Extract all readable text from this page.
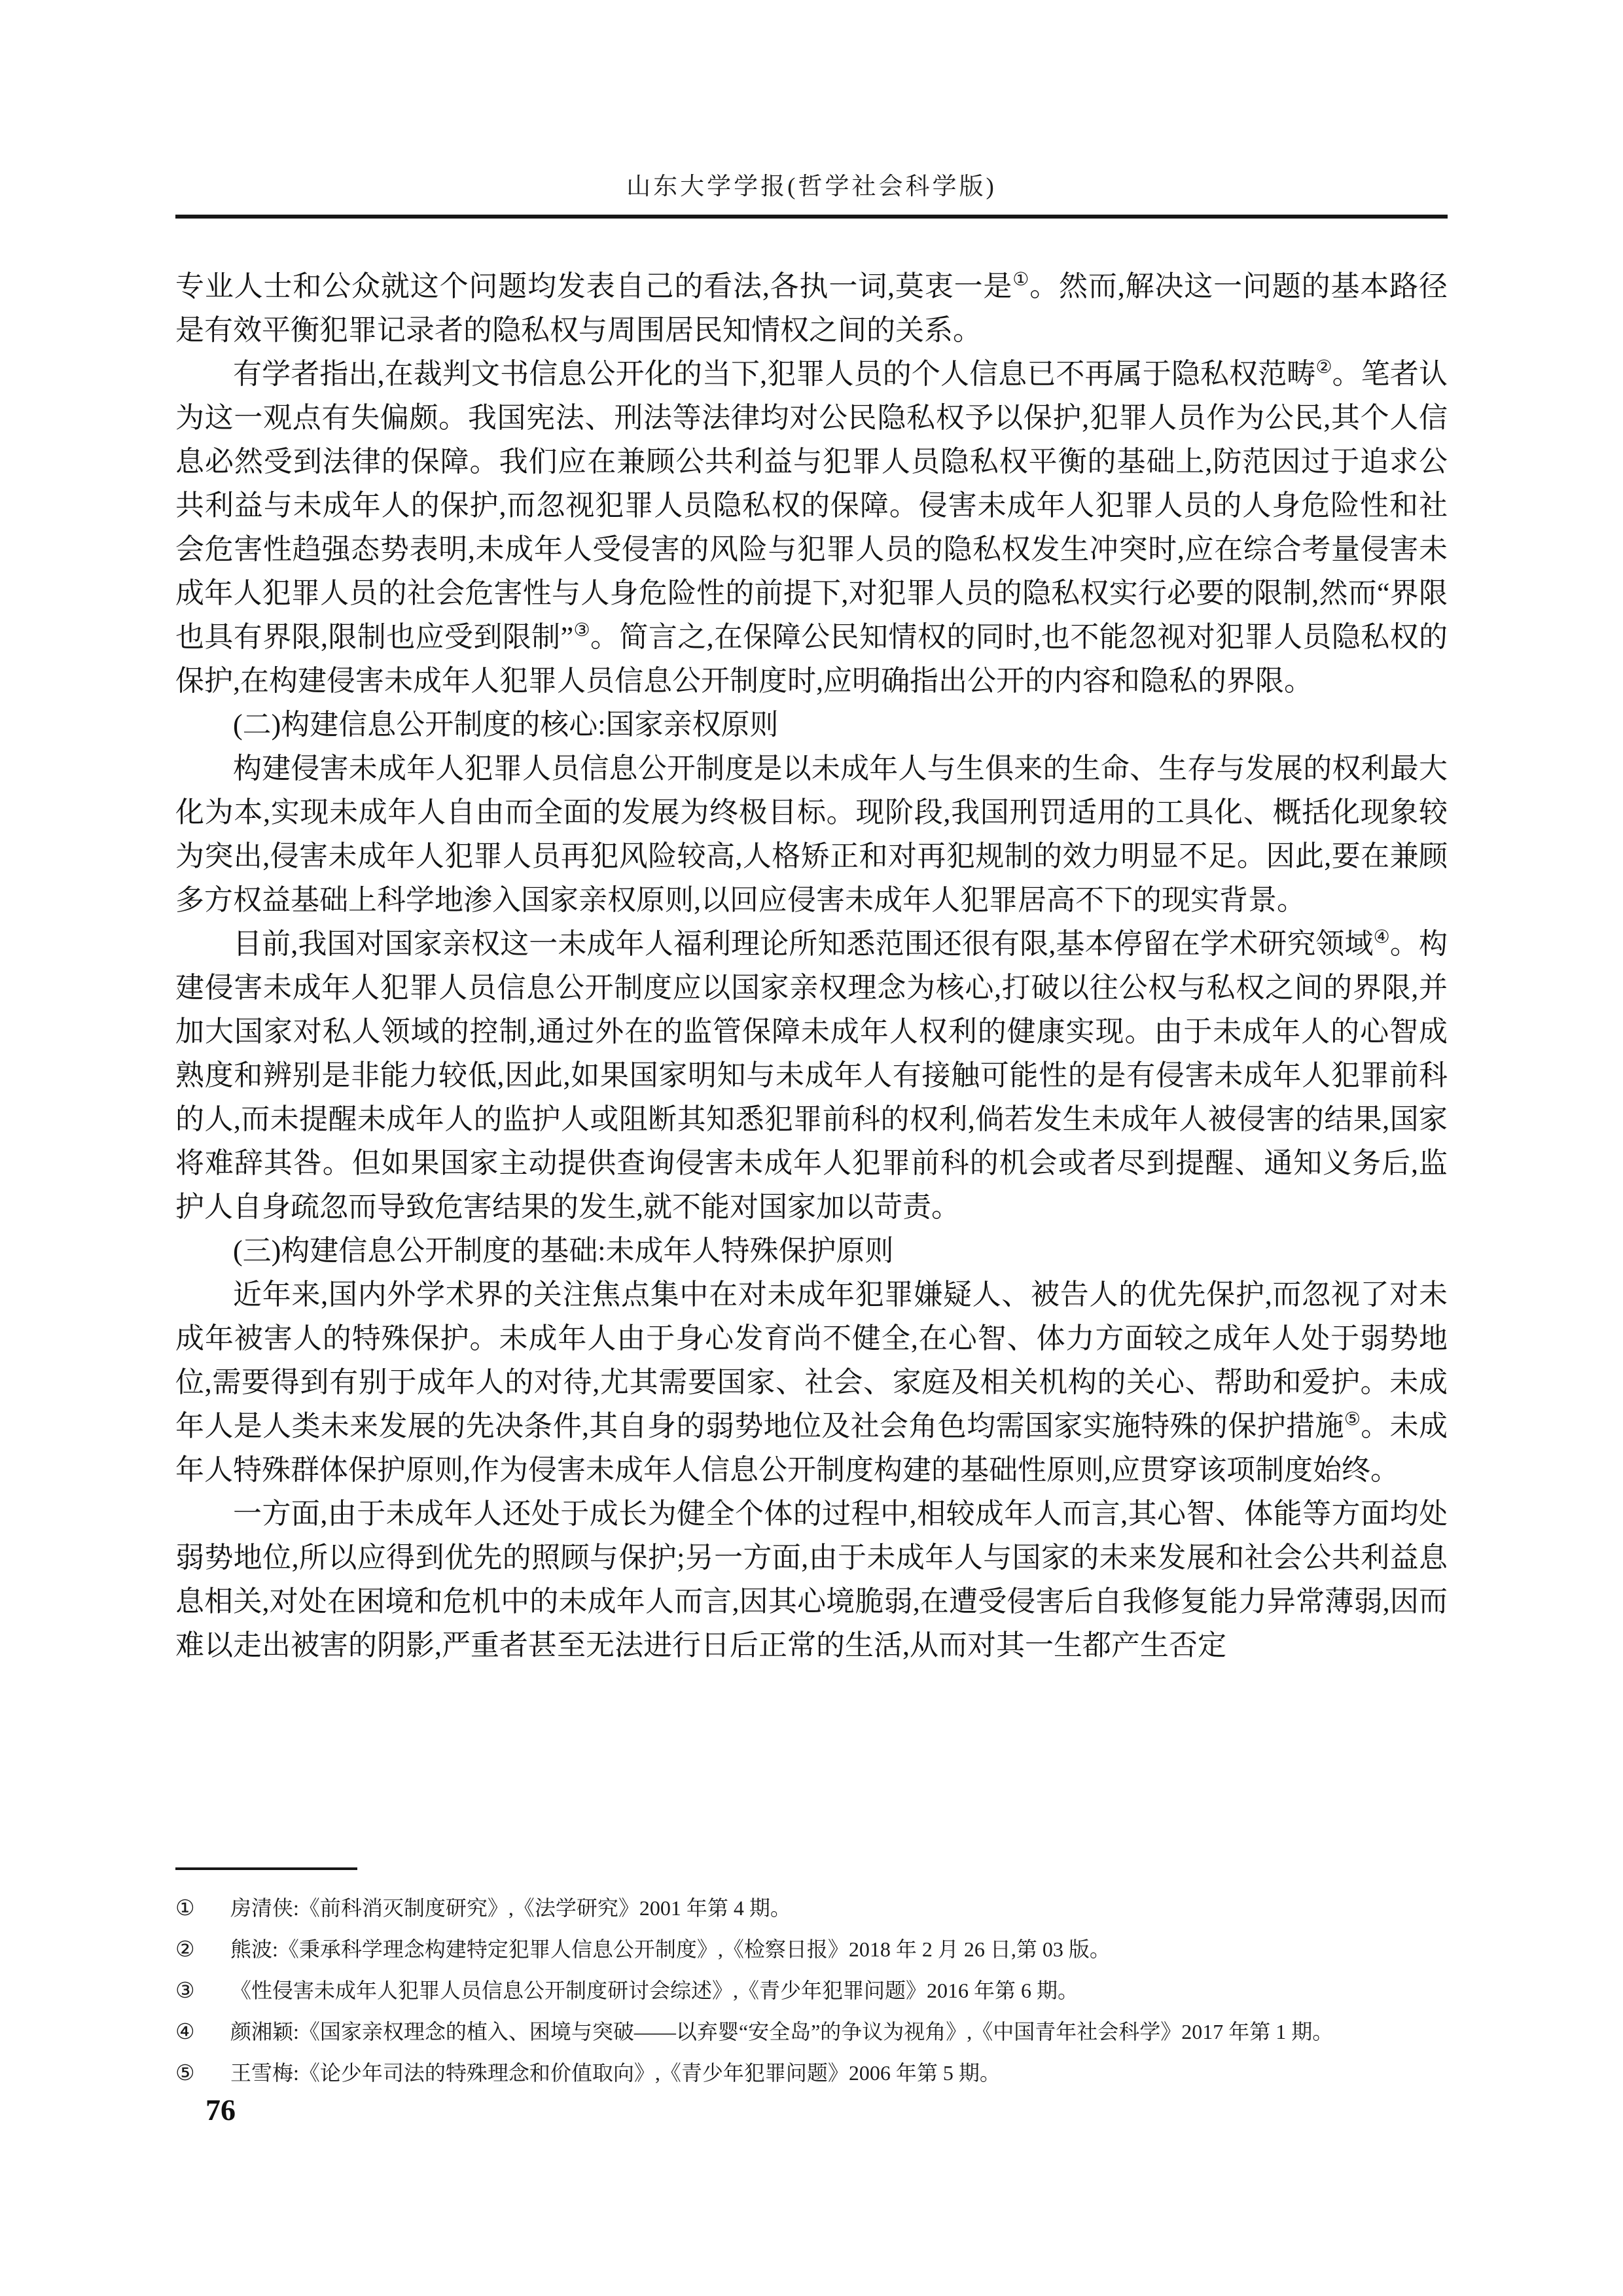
山东大学学报(哲学社会科学版)

专业人士和公众就这个问题均发表自己的看法,各执一词,莫衷一是①。然而,解决这一问题的基本路径是有效平衡犯罪记录者的隐私权与周围居民知情权之间的关系。

有学者指出,在裁判文书信息公开化的当下,犯罪人员的个人信息已不再属于隐私权范畴②。笔者认为这一观点有失偏颇。我国宪法、刑法等法律均对公民隐私权予以保护,犯罪人员作为公民,其个人信息必然受到法律的保障。我们应在兼顾公共利益与犯罪人员隐私权平衡的基础上,防范因过于追求公共利益与未成年人的保护,而忽视犯罪人员隐私权的保障。侵害未成年人犯罪人员的人身危险性和社会危害性趋强态势表明,未成年人受侵害的风险与犯罪人员的隐私权发生冲突时,应在综合考量侵害未成年人犯罪人员的社会危害性与人身危险性的前提下,对犯罪人员的隐私权实行必要的限制,然而“界限也具有界限,限制也应受到限制”③。简言之,在保障公民知情权的同时,也不能忽视对犯罪人员隐私权的保护,在构建侵害未成年人犯罪人员信息公开制度时,应明确指出公开的内容和隐私的界限。

(二)构建信息公开制度的核心:国家亲权原则

构建侵害未成年人犯罪人员信息公开制度是以未成年人与生俱来的生命、生存与发展的权利最大化为本,实现未成年人自由而全面的发展为终极目标。现阶段,我国刑罚适用的工具化、概括化现象较为突出,侵害未成年人犯罪人员再犯风险较高,人格矫正和对再犯规制的效力明显不足。因此,要在兼顾多方权益基础上科学地渗入国家亲权原则,以回应侵害未成年人犯罪居高不下的现实背景。

目前,我国对国家亲权这一未成年人福利理论所知悉范围还很有限,基本停留在学术研究领域④。构建侵害未成年人犯罪人员信息公开制度应以国家亲权理念为核心,打破以往公权与私权之间的界限,并加大国家对私人领域的控制,通过外在的监管保障未成年人权利的健康实现。由于未成年人的心智成熟度和辨别是非能力较低,因此,如果国家明知与未成年人有接触可能性的是有侵害未成年人犯罪前科的人,而未提醒未成年人的监护人或阻断其知悉犯罪前科的权利,倘若发生未成年人被侵害的结果,国家将难辞其咎。但如果国家主动提供查询侵害未成年人犯罪前科的机会或者尽到提醒、通知义务后,监护人自身疏忽而导致危害结果的发生,就不能对国家加以苛责。

(三)构建信息公开制度的基础:未成年人特殊保护原则

近年来,国内外学术界的关注焦点集中在对未成年犯罪嫌疑人、被告人的优先保护,而忽视了对未成年被害人的特殊保护。未成年人由于身心发育尚不健全,在心智、体力方面较之成年人处于弱势地位,需要得到有别于成年人的对待,尤其需要国家、社会、家庭及相关机构的关心、帮助和爱护。未成年人是人类未来发展的先决条件,其自身的弱势地位及社会角色均需国家实施特殊的保护措施⑤。未成年人特殊群体保护原则,作为侵害未成年人信息公开制度构建的基础性原则,应贯穿该项制度始终。

一方面,由于未成年人还处于成长为健全个体的过程中,相较成年人而言,其心智、体能等方面均处弱势地位,所以应得到优先的照顾与保护;另一方面,由于未成年人与国家的未来发展和社会公共利益息息相关,对处在困境和危机中的未成年人而言,因其心境脆弱,在遭受侵害后自我修复能力异常薄弱,因而难以走出被害的阴影,严重者甚至无法进行日后正常的生活,从而对其一生都产生否定

①	房清侠:《前科消灭制度研究》,《法学研究》2001 年第 4 期。
②	熊波:《秉承科学理念构建特定犯罪人信息公开制度》,《检察日报》2018 年 2 月 26 日,第 03 版。
③	《性侵害未成年人犯罪人员信息公开制度研讨会综述》,《青少年犯罪问题》2016 年第 6 期。
④	颜湘颖:《国家亲权理念的植入、困境与突破——以弃婴“安全岛”的争议为视角》,《中国青年社会科学》2017 年第 1 期。
⑤	王雪梅:《论少年司法的特殊理念和价值取向》,《青少年犯罪问题》2006 年第 5 期。
76
